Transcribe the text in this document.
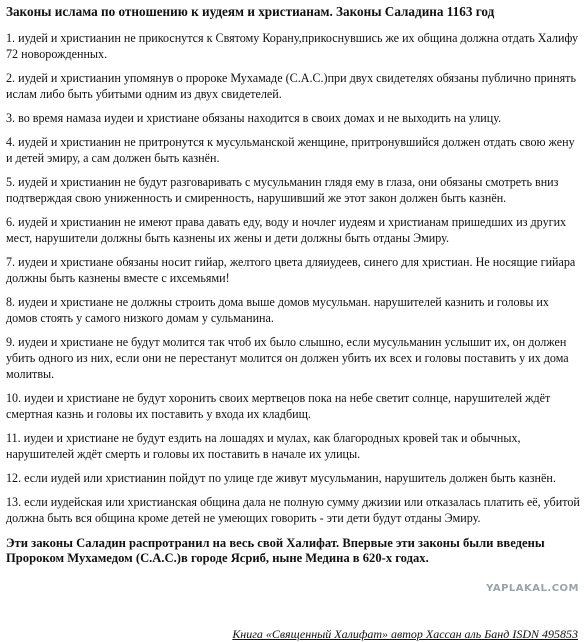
Законы ислама по отношению к иудеям и христианам. Законы Саладина 1163 год

1. иудей и христианин не прикоснутся к Святому Корану,прикоснувшись же их община должна отдать Халифу 72 новорожденных.

2. иудей и христианин упомянув о пророке Мухамаде (С.А.С.)при двух свидетелях обязаны публично принять ислам либо быть убитыми одним из двух свидетелей.

3. во время намаза иудеи и христиане обязаны находится в своих домах и не выходить на улицу.

4. иудей и христианин не притронутся к мусульманской женщине, притронувшийся должен отдать свою жену и детей эмиру, а сам должен быть казнён.

5. иудей и христианин не будут разговаривать с мусульманин глядя ему в глаза, они обязаны смотреть вниз подтверждая свою униженность и смиренность, нарушивший же этот закон должен быть казнён.

6. иудей и христианин не имеют права давать еду, воду и ночлег иудеям и христианам пришедших из других мест, нарушители должны быть казнены их жены и дети должны быть отданы Эмиру.

7. иудеи и христиане обязаны носит гийар, желтого цвета дляиудеев, синего для христиан. Не носящие гийара должны быть казнены вместе с ихсемьями!

8. иудеи и христиане не должны строить дома выше домов мусульман. нарушителей казнить и головы их домов стоять у самого низкого домам у сульманина.

9. иудеи и христиане не будут молится так чтоб их было слышно, если мусульманин услышит их, он должен убить одного из них, если они не перестанут молится он должен убить их всех и головы поставить у их дома молитвы.

10. иудеи и христиане не будут хоронить своих мертвецов пока на небе светит солнце, нарушителей ждёт смертная казнь и головы их поставить у входа их кладбищ.

11. иудеи и христиане не будут ездить на лошадях и мулах, как благородных кровей так и обычных, нарушителей ждёт смерть и головы их поставить в начале их улицы.

12. если иудей или христианин пойдут по улице где живут мусульманин, нарушитель должен быть казнён.

13. если иудейская или христианская община дала не полную сумму джизии или отказалась платить её, убитой должна быть вся община кроме детей не умеющих говорить - эти дети будут отданы Эмиру.

Эти законы Саладин распротранил на весь свой Халифат. Впервые эти законы были введены Пророком Мухамедом (С.А.С.)в городе Ясриб, ныне Медина в 620-х годах.

YAPLAKAL.COM
Книга «Священный Халифат» автор Хассан аль Банд ISDN 495853
